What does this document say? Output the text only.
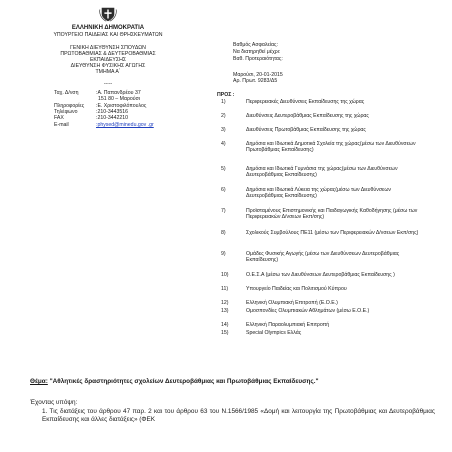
ΕΛΛΗΝΙΚΗ ΔΗΜΟΚΡΑΤΙΑ
ΥΠΟΥΡΓΕΙΟ ΠΑΙΔΕΙΑΣ ΚΑΙ ΘΡΗΣΚΕΥΜΑΤΩΝ
ΓΕΝΙΚΗ ΔΙΕΥΘΥΝΣΗ ΣΠΟΥΔΩΝ
ΠΡΩΤΟΒΑΘΜΙΑΣ & ΔΕΥΤΕΡΟΒΑΘΜΙΑΣ
ΕΚΠΑΙΔΕΥΣΗΣ
ΔΙΕΥΘΥΝΣΗ ΦΥΣΙΚΗΣ ΑΓΩΓΗΣ
ΤΜΗΜΑ Α΄
-----
Ταχ. Δ/νση	:Α. Παπανδρέου 37
151 80 – Μαρούσι
Πληροφορίες :Ε. Χριστοφιλόπουλος
Τηλέφωνο	:210-3443516
FAX	:210-3442210
E-mail	:physed@minedu.gov .gr
Βαθμός Ασφαλείας:
Να διατηρηθεί μέχρι:
Βαθ. Προτεραιότητας:
Μαρούσι, 20-01-2015
Αρ. Πρωτ. 9283/Δ5
ΠΡΟΣ :
1)	Περιφερειακές Διευθύνσεις Εκπαίδευσης της χώρας
2)	Διευθύνσεις Δευτεροβάθμιας Εκπαίδευσης της χώρας
3)	Διευθύνσεις Πρωτοβάθμιας Εκπαίδευσης της χώρας
4)	Δημόσια και Ιδιωτικά Δημοτικά Σχολεία της χώρας(μέσω των Διευθύνσεων Πρωτοβάθμιας Εκπαίδευσης)
5)	Δημόσια και Ιδιωτικά Γυμνάσια της χώρας(μέσω των Διευθύνσεων Δευτεροβάθμιας Εκπαίδευσης)
6)	Δημόσια και Ιδιωτικά Λύκεια της χώρας(μέσω των Διευθύνσεων Δευτεροβάθμιας Εκπαίδευσης)
7)	Προϊσταμένους Επιστημονικής και Παιδαγωγικής Καθοδήγησης (μέσω των Περιφερειακών Δ/νσεων Εκπ/σης)
8)	Σχολικούς Συμβούλους ΠΕ11 (μέσω των Περιφερειακών Δ/νσεων Εκπ/σης)
9)	Ομάδες Φυσικής Αγωγής (μέσω των Διευθύνσεων Δευτεροβάθμιας Εκπαίδευσης)
10)	Ο.Ε.Σ.Α (μέσω των Διευθύνσεων Δευτεροβάθμιας Εκπαίδευσης )
11)	Υπουργείο Παιδείας και Πολιτισμού Κύπρου
12)	Ελληνική Ολυμπιακή Επιτροπή (Ε.Ο.Ε.)
13)	Ομοσπονδίες Ολυμπιακών Αθλημάτων (μέσω Ε.Ο.Ε.)
14)	Ελληνική Παραολυμπιακή Επιτροπή
15)	Special Olympics Ελλάς
Θέμα: "Αθλητικές δραστηριότητες σχολείων Δευτεροβάθμιας και Πρωτοβάθμιας Εκπαίδευσης."
Έχοντας υπόψη:
1. Τις διατάξεις του άρθρου 47 παρ. 2 και του άρθρου 63 του Ν.1566/1985 «Δομή και λειτουργία της Πρωτοβάθμιας και Δευτεροβάθμιας Εκπαίδευσης και άλλες διατάξεις» (ΦΕΚ
